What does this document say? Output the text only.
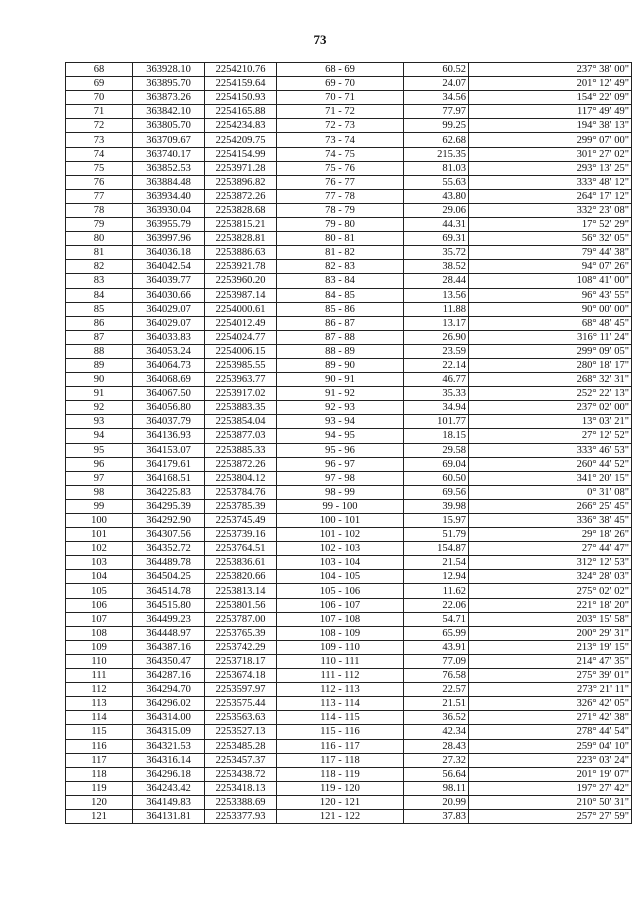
73
68	363928.10	2254210.76	68 - 69	60.52	237° 38' 00"
69	363895.70	2254159.64	69 - 70	24.07	201° 12' 49"
70	363873.26	2254150.93	70 - 71	34.56	154° 22' 09"
71	363842.10	2254165.88	71 - 72	77.97	117° 49' 49"
72	363805.70	2254234.83	72 - 73	99.25	194° 38' 13"
73	363709.67	2254209.75	73 - 74	62.68	299° 07' 00"
74	363740.17	2254154.99	74 - 75	215.35	301° 27' 02"
75	363852.53	2253971.28	75 - 76	81.03	293° 13' 25"
76	363884.48	2253896.82	76 - 77	55.63	333° 48' 12"
77	363934.40	2253872.26	77 - 78	43.80	264° 17' 12"
78	363930.04	2253828.68	78 - 79	29.06	332° 23' 08"
79	363955.79	2253815.21	79 - 80	44.31	17° 52' 29"
80	363997.96	2253828.81	80 - 81	69.31	56° 32' 05"
81	364036.18	2253886.63	81 - 82	35.72	79° 44' 38"
82	364042.54	2253921.78	82 - 83	38.52	94° 07' 26"
83	364039.77	2253960.20	83 - 84	28.44	108° 41' 00"
84	364030.66	2253987.14	84 - 85	13.56	96° 43' 55"
85	364029.07	2254000.61	85 - 86	11.88	90° 00' 00"
86	364029.07	2254012.49	86 - 87	13.17	68° 48' 45"
87	364033.83	2254024.77	87 - 88	26.90	316° 11' 24"
88	364053.24	2254006.15	88 - 89	23.59	299° 09' 05"
89	364064.73	2253985.55	89 - 90	22.14	280° 18' 17"
90	364068.69	2253963.77	90 - 91	46.77	268° 32' 31"
91	364067.50	2253917.02	91 - 92	35.33	252° 22' 13"
92	364056.80	2253883.35	92 - 93	34.94	237° 02' 00"
93	364037.79	2253854.04	93 - 94	101.77	13° 03' 21"
94	364136.93	2253877.03	94 - 95	18.15	27° 12' 52"
95	364153.07	2253885.33	95 - 96	29.58	333° 46' 53"
96	364179.61	2253872.26	96 - 97	69.04	260° 44' 52"
97	364168.51	2253804.12	97 - 98	60.50	341° 20' 15"
98	364225.83	2253784.76	98 - 99	69.56	0° 31' 08"
99	364295.39	2253785.39	99 - 100	39.98	266° 25' 45"
100	364292.90	2253745.49	100 - 101	15.97	336° 38' 45"
101	364307.56	2253739.16	101 - 102	51.79	29° 18' 26"
102	364352.72	2253764.51	102 - 103	154.87	27° 44' 47"
103	364489.78	2253836.61	103 - 104	21.54	312° 12' 53"
104	364504.25	2253820.66	104 - 105	12.94	324° 28' 03"
105	364514.78	2253813.14	105 - 106	11.62	275° 02' 02"
106	364515.80	2253801.56	106 - 107	22.06	221° 18' 20"
107	364499.23	2253787.00	107 - 108	54.71	203° 15' 58"
108	364448.97	2253765.39	108 - 109	65.99	200° 29' 31"
109	364387.16	2253742.29	109 - 110	43.91	213° 19' 15"
110	364350.47	2253718.17	110 - 111	77.09	214° 47' 35"
111	364287.16	2253674.18	111 - 112	76.58	275° 39' 01"
112	364294.70	2253597.97	112 - 113	22.57	273° 21' 11"
113	364296.02	2253575.44	113 - 114	21.51	326° 42' 05"
114	364314.00	2253563.63	114 - 115	36.52	271° 42' 38"
115	364315.09	2253527.13	115 - 116	42.34	278° 44' 54"
116	364321.53	2253485.28	116 - 117	28.43	259° 04' 10"
117	364316.14	2253457.37	117 - 118	27.32	223° 03' 24"
118	364296.18	2253438.72	118 - 119	56.64	201° 19' 07"
119	364243.42	2253418.13	119 - 120	98.11	197° 27' 42"
120	364149.83	2253388.69	120 - 121	20.99	210° 50' 31"
121	364131.81	2253377.93	121 - 122	37.83	257° 27' 59"
